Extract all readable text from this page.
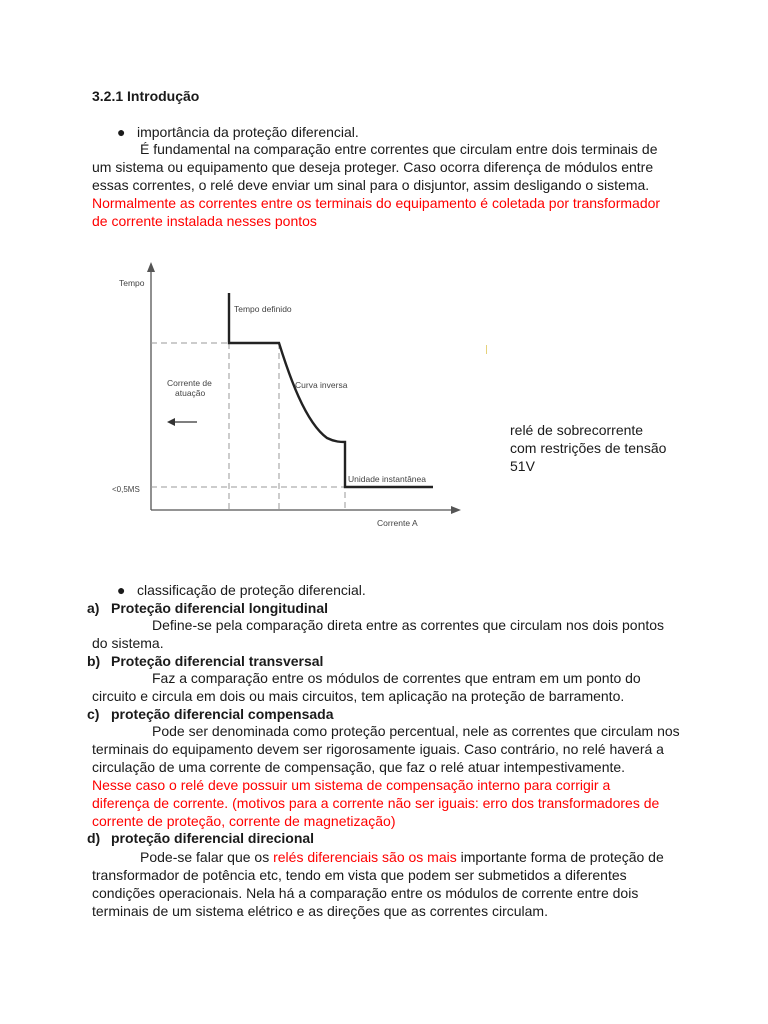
3.2.1 Introdução
● importância da proteção diferencial.
É fundamental na comparação entre correntes que circulam entre dois terminais de
um sistema ou equipamento que deseja proteger. Caso ocorra diferença de módulos entre
essas correntes, o relé deve enviar um sinal para o disjuntor, assim desligando o sistema.
Normalmente as correntes entre os terminais do equipamento é coletada por transformador
de corrente instalada nesses pontos
Tempo
Corrente A
<0,5MS
Tempo definido
Curva inversa
Unidade instantânea
Corrente de
atuação
relé de sobrecorrente
com restrições de tensão
51V
● classificação de proteção diferencial.
a) Proteção diferencial longitudinal
Define-se pela comparação direta entre as correntes que circulam nos dois pontos
do sistema.
b) Proteção diferencial transversal
Faz a comparação entre os módulos de correntes que entram em um ponto do
circuito e circula em dois ou mais circuitos, tem aplicação na proteção de barramento.
c) proteção diferencial compensada
Pode ser denominada como proteção percentual, nele as correntes que circulam nos
terminais do equipamento devem ser rigorosamente iguais. Caso contrário, no relé haverá a
circulação de uma corrente de compensação, que faz o relé atuar intempestivamente.
Nesse caso o relé deve possuir um sistema de compensação interno para corrigir a
diferença de corrente. (motivos para a corrente não ser iguais: erro dos transformadores de
corrente de proteção, corrente de magnetização)
d) proteção diferencial direcional
Pode-se falar que os relés diferenciais são os mais importante forma de proteção de
transformador de potência etc, tendo em vista que podem ser submetidos a diferentes
condições operacionais. Nela há a comparação entre os módulos de corrente entre dois
terminais de um sistema elétrico e as direções que as correntes circulam.
